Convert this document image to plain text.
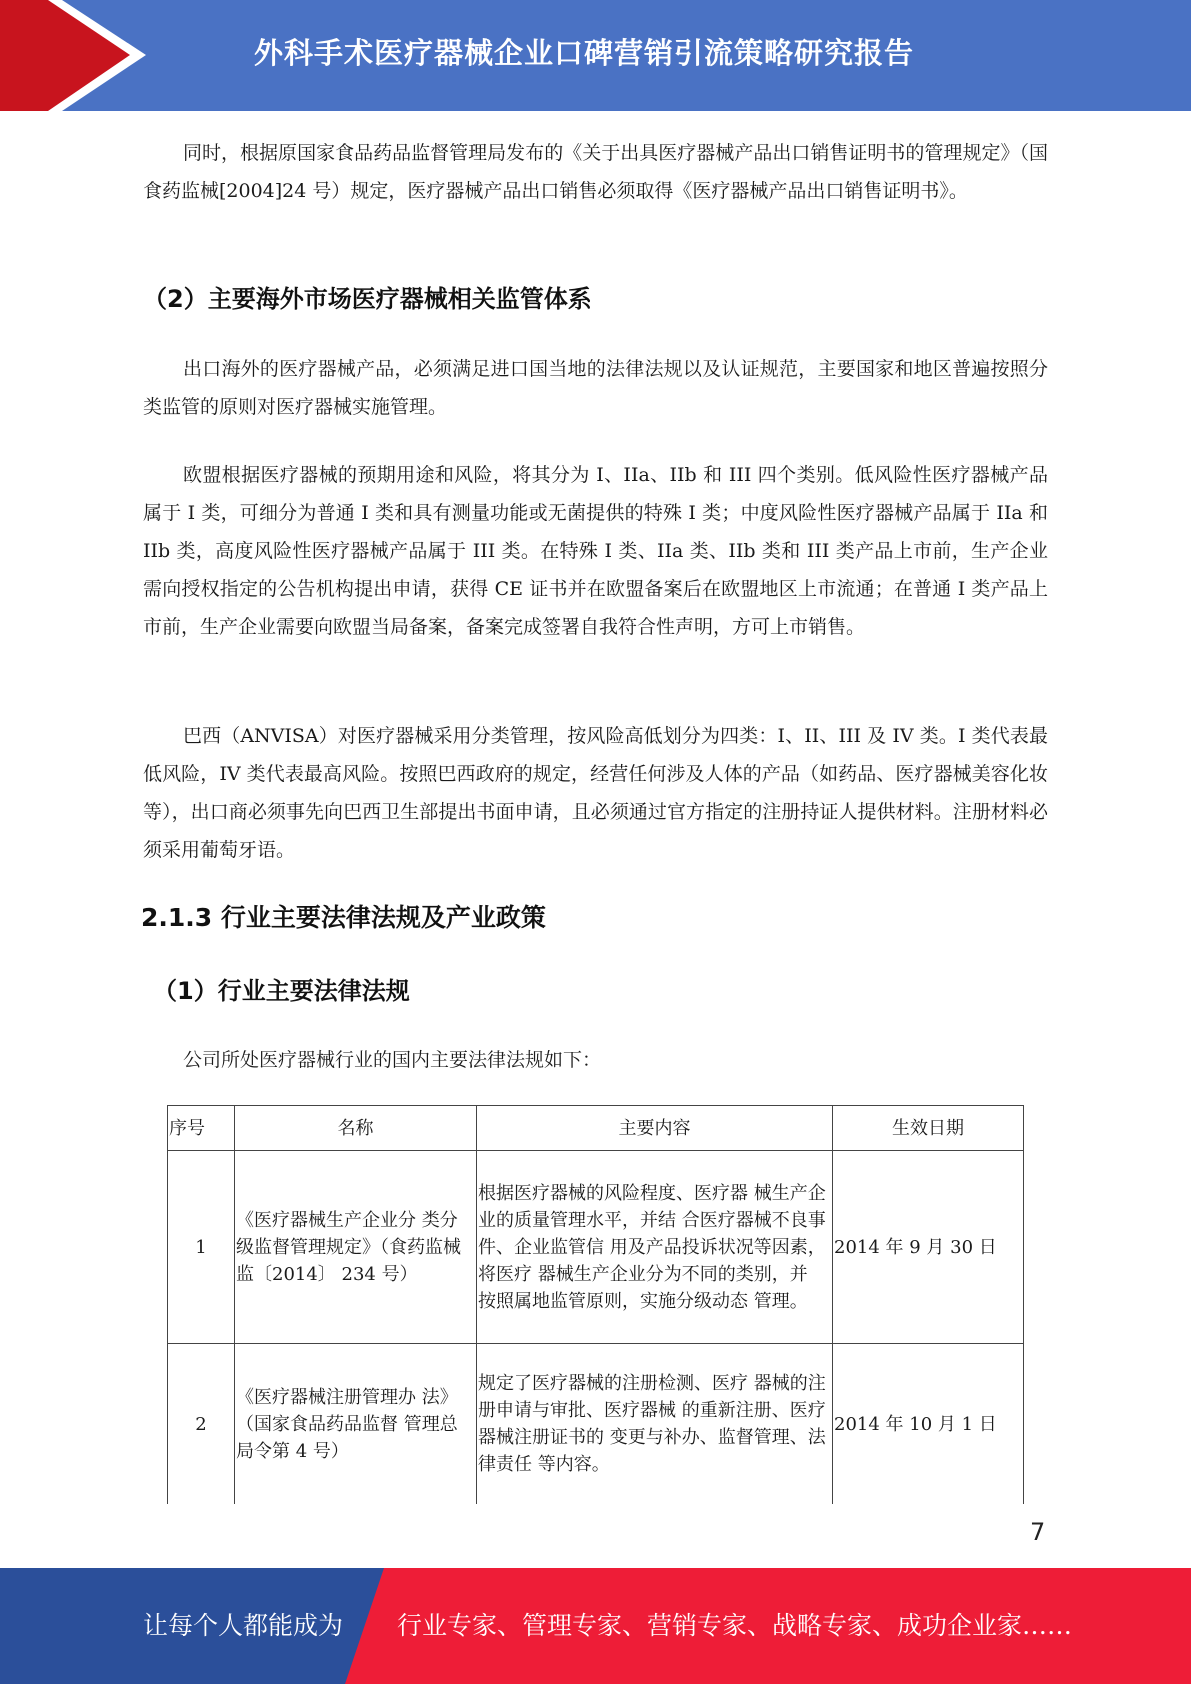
外科手术医疗器械企业口碑营销引流策略研究报告

同时，根据原国家食品药品监督管理局发布的《关于出具医疗器械产品出口销售证明书的管理规定》（国食药监械[2004]24 号）规定，医疗器械产品出口销售必须取得《医疗器械产品出口销售证明书》。

（2）主要海外市场医疗器械相关监管体系

出口海外的医疗器械产品，必须满足进口国当地的法律法规以及认证规范，主要国家和地区普遍按照分类监管的原则对医疗器械实施管理。

欧盟根据医疗器械的预期用途和风险，将其分为 I、IIa、IIb 和 III 四个类别。低风险性医疗器械产品属于 I 类，可细分为普通 I 类和具有测量功能或无菌提供的特殊 I 类；中度风险性医疗器械产品属于 IIa 和 IIb 类，高度风险性医疗器械产品属于 III 类。在特殊 I 类、IIa 类、IIb 类和 III 类产品上市前，生产企业需向授权指定的公告机构提出申请，获得 CE 证书并在欧盟备案后在欧盟地区上市流通；在普通 I 类产品上市前，生产企业需要向欧盟当局备案，备案完成签署自我符合性声明，方可上市销售。

巴西（ANVISA）对医疗器械采用分类管理，按风险高低划分为四类：I、II、III 及 IV 类。I 类代表最低风险，IV 类代表最高风险。按照巴西政府的规定，经营任何涉及人体的产品（如药品、医疗器械美容化妆等），出口商必须事先向巴西卫生部提出书面申请，且必须通过官方指定的注册持证人提供材料。注册材料必须采用葡萄牙语。

2.1.3 行业主要法律法规及产业政策
（1）行业主要法律法规

公司所处医疗器械行业的国内主要法律法规如下：

序号	名称	主要内容	生效日期
1	《医疗器械生产企业分 类分级监督管理规定》（食药监械监〔2014〕 234 号）	根据医疗器械的风险程度、医疗器 械生产企业的质量管理水平，并结 合医疗器械不良事件、企业监管信 用及产品投诉状况等因素，将医疗 器械生产企业分为不同的类别，并 按照属地监管原则，实施分级动态 管理。	2014 年 9 月 30 日
2	《医疗器械注册管理办 法》（国家食品药品监督 管理总局令第 4 号）	规定了医疗器械的注册检测、医疗 器械的注册申请与审批、医疗器械 的重新注册、医疗器械注册证书的 变更与补办、监督管理、法律责任 等内容。	2014 年 10 月 1 日
7
让每个人都能成为 行业专家、管理专家、营销专家、战略专家、成功企业家……
